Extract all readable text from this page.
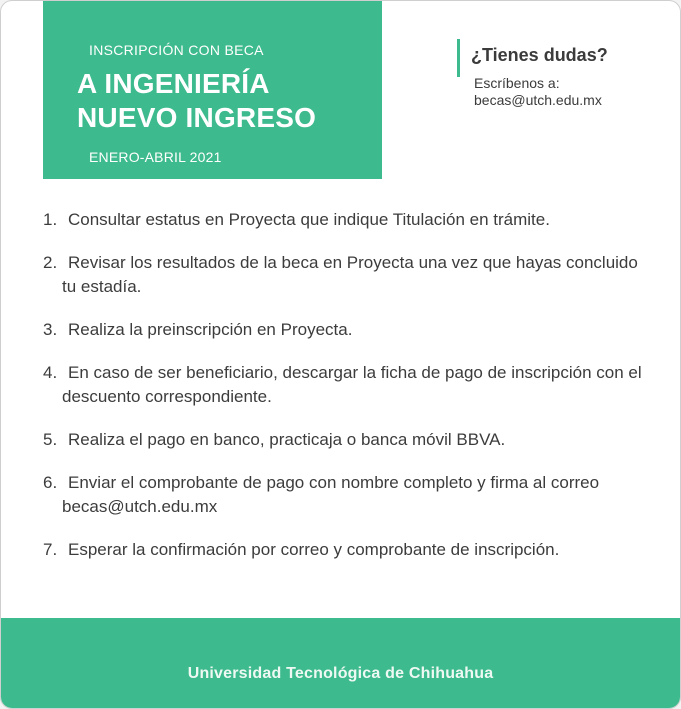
INSCRIPCIÓN CON BECA
A INGENIERÍA
NUEVO INGRESO
ENERO-ABRIL 2021
¿Tienes dudas?
Escríbenos a:
becas@utch.edu.mx
1. Consultar estatus en Proyecta que indique Titulación en trámite.
2. Revisar los resultados de la beca en Proyecta una vez que hayas concluido tu estadía.
3. Realiza la preinscripción en Proyecta.
4. En caso de ser beneficiario, descargar la ficha de pago de inscripción con el descuento correspondiente.
5. Realiza el pago en banco, practicaja o banca móvil BBVA.
6. Enviar el comprobante de pago con nombre completo y firma al correo becas@utch.edu.mx
7. Esperar la confirmación por correo y comprobante de inscripción.
Universidad Tecnológica de Chihuahua
